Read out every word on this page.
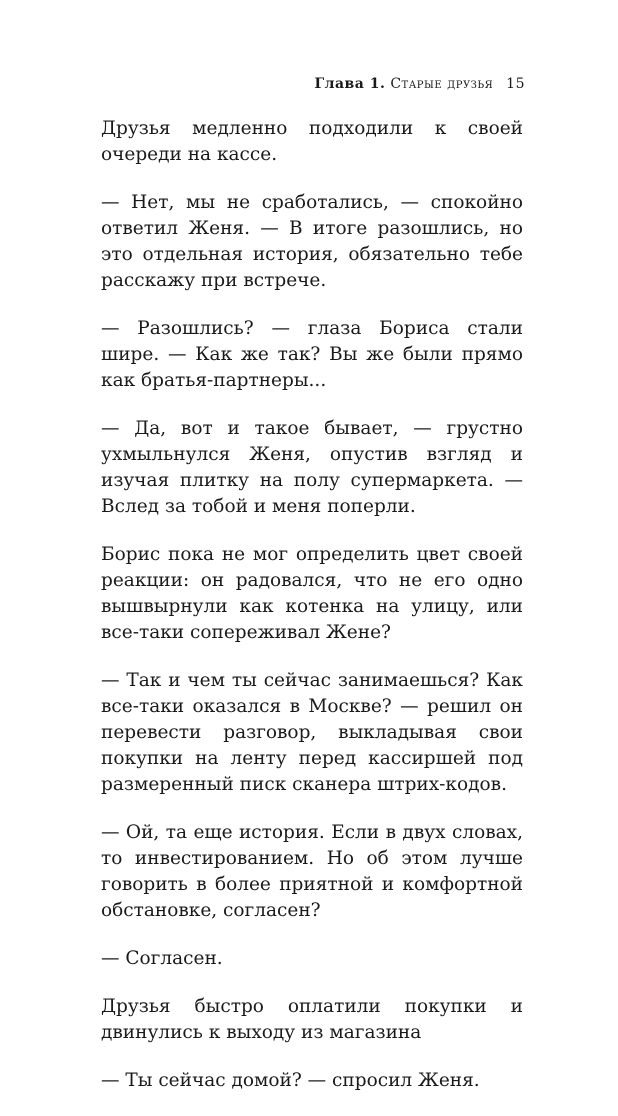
Глава 1. Старые друзья 15

Друзья медленно подходили к своей очереди на кассе.

— Нет, мы не сработались, — спокойно ответил Женя. — В итоге разошлись, но это отдельная история, обязательно тебе расскажу при встрече.

— Разошлись? — глаза Бориса стали шире. — Как же так? Вы же были прямо как братья-партнеры...

— Да, вот и такое бывает, — грустно ухмыльнулся Женя, опустив взгляд и изучая плитку на полу супермаркета. — Вслед за тобой и меня поперли.

Борис пока не мог определить цвет своей реакции: он радовался, что не его одно вышвырнули как котенка на улицу, или все-таки сопереживал Жене?

— Так и чем ты сейчас занимаешься? Как все-таки оказался в Москве? — решил он перевести разговор, выкладывая свои покупки на ленту перед кассиршей под размеренный писк сканера штрих-кодов.

— Ой, та еще история. Если в двух словах, то инвестированием. Но об этом лучше говорить в более приятной и комфортной обстановке, согласен?

— Согласен.

Друзья быстро оплатили покупки и двинулись к выходу из магазина

— Ты сейчас домой? — спросил Женя.
